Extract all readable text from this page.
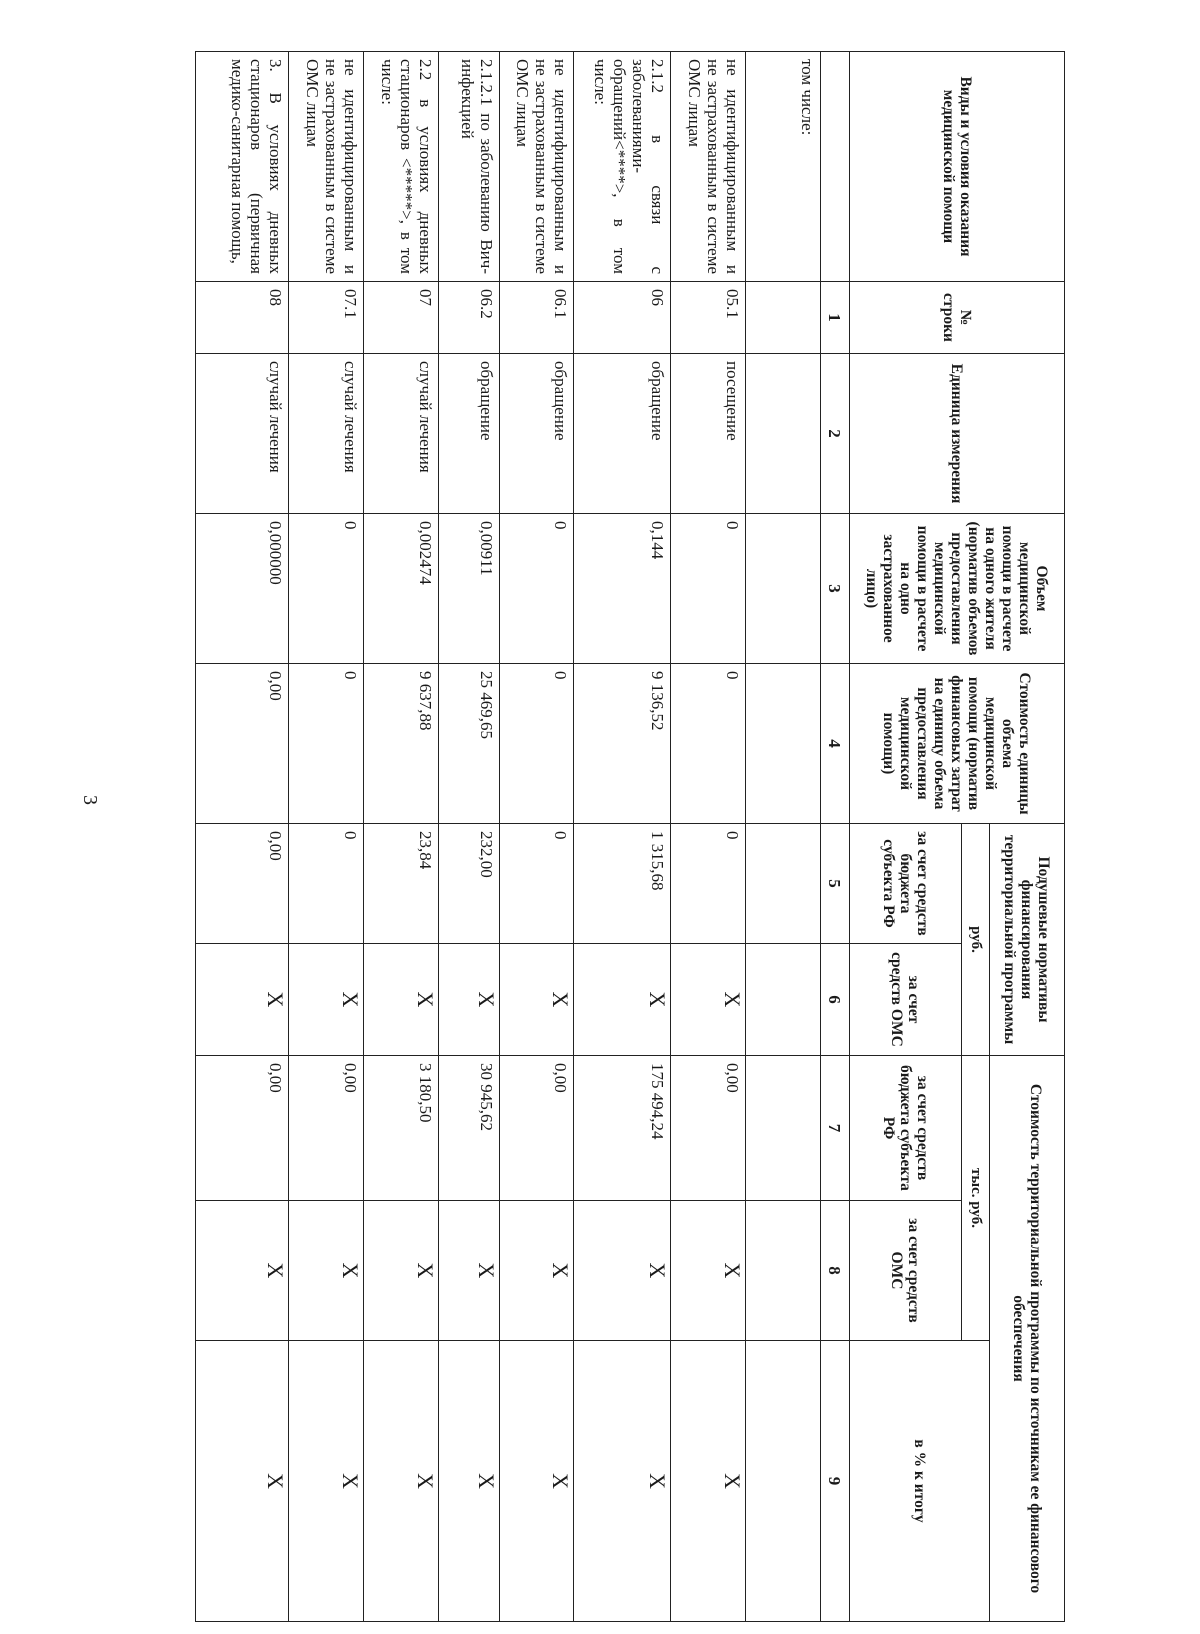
3
Виды и условия оказания медицинской помощи	№ строки	Единица измерения	Объем медицинской помощи в расчете на одного жителя (норматив объемов предоставления медицинской помощи в расчете на одно застрахованное лицо)	Стоимость единицы объема медицинской помощи (норматив финансовых затрат на единицу объема предоставления медицинской помощи)	Подушевые нормативы финансирования территориальной программы		Стоимость территориальной программы по источникам ее финансового обеспечения		
					руб.		тыс. руб.		в % к итогу
					за счет средств бюджета субъекта РФ	за счет средств ОМС	за счет средств бюджета субъекта РФ	за счет средств ОМС	
	1	2	3	4	5	6	7	8	9
том числе:									
не идентифицированным и не застрахованным в системе ОМС лицам	05.1	посещение	0	0	0	X	0,00	X	X
2.1.2 в связи с заболеваниями-обращений<****>, в том числе:	06	обращение	0,144	9 136,52	1 315,68	X	175 494,24	X	X
не идентифицированным и не застрахованным в системе ОМС лицам	06.1	обращение	0	0	0	X	0,00	X	X
2.1.2.1 по заболеванию Вич-инфекцией	06.2	обращение	0,00911	25 469,65	232,00	X	30 945,62	X	X
2.2 в условиях дневных стационаров <*****>, в том числе:	07	случай лечения	0,002474	9 637,88	23,84	X	3 180,50	X	X
не идентифицированным и не застрахованным в системе ОМС лицам	07.1	случай лечения	0	0	0	X	0,00	X	X
3. В условиях дневных стационаров (первичная медико-санитарная помощь,	08	случай лечения	0,000000	0,00	0,00	X	0,00	X	X
